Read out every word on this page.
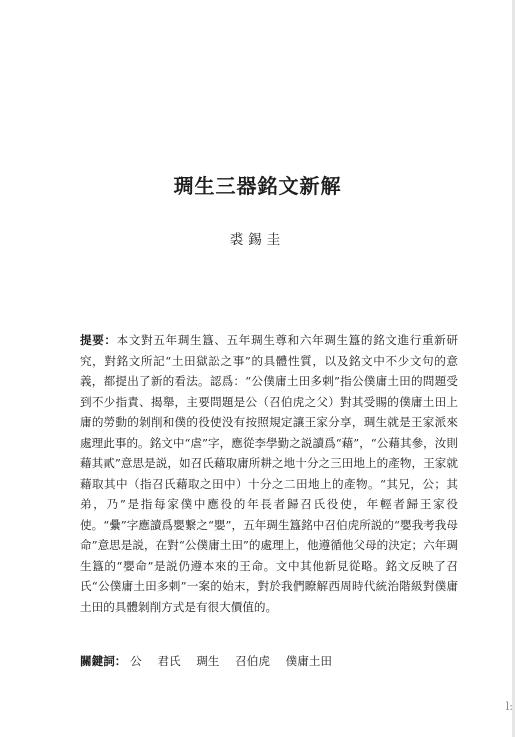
琱生三器銘文新解
裘錫圭
提要：本文對五年琱生簋、五年琱生尊和六年琱生簋的銘文進行重新研究，對銘文所記“土田獄訟之事”的具體性質，以及銘文中不少文句的意義，都提出了新的看法。認爲：“公僕庸土田多剌”指公僕庸土田的問題受到不少指責、揭舉，主要問題是公（召伯虎之父）對其受賜的僕庸土田上庸的勞動的剝削和僕的役使没有按照規定讓王家分享，琱生就是王家派來處理此事的。銘文中“虐”字，應從李學勤之説讀爲“藉”，“公藉其參，汝則藉其貳”意思是説，如召氏藉取庸所耕之地十分之三田地上的產物，王家就藉取其中（指召氏藉取之田中）十分之二田地上的產物。“其兄，公；其弟，乃”是指每家僕中應役的年長者歸召氏役使，年輕者歸王家役使。“纍”字應讀爲嬰繋之“嬰”，五年琱生簋銘中召伯虎所説的“嬰我考我母命”意思是説，在對“公僕庸土田”的處理上，他遵循他父母的決定；六年琱生簋的“嬰命”是説仍遵本來的王命。文中其他新見從略。銘文反映了召氏“公僕庸土田多剌”一案的始末，對於我們瞭解西周時代統治階級對僕庸土田的具體剝削方式是有很大價值的。
關鍵詞： 公 君氏 琱生 召伯虎 僕庸土田
l:
